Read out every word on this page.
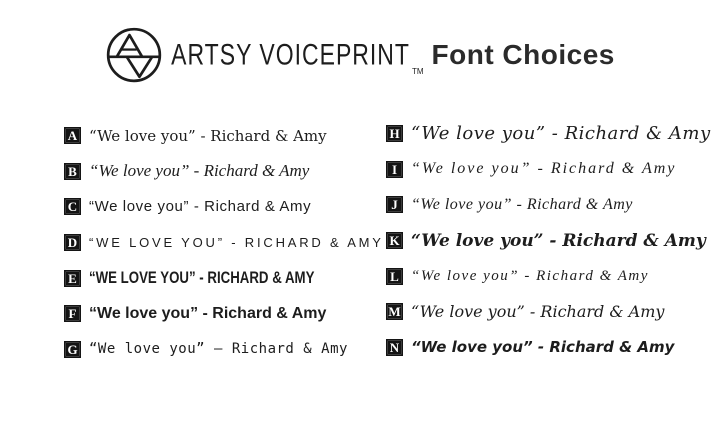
ARTSY VOICEPRINT
TM
Font Choices
A “We love you” - Richard & Amy
B “We love you” - Richard & Amy
C “We love you” - Richard & Amy
D “WE LOVE YOU” - RICHARD & AMY
E “WE LOVE YOU” - RICHARD & AMY
F “We love you” - Richard & Amy
G “We love you” – Richard & Amy
H “We love you” - Richard & Amy
I “We love you” - Richard & Amy
J “We love you” - Richard & Amy
K “We love you” - Richard & Amy
L “We love you” - Richard & Amy
M “We love you” - Richard & Amy
N “We love you” - Richard & Amy
